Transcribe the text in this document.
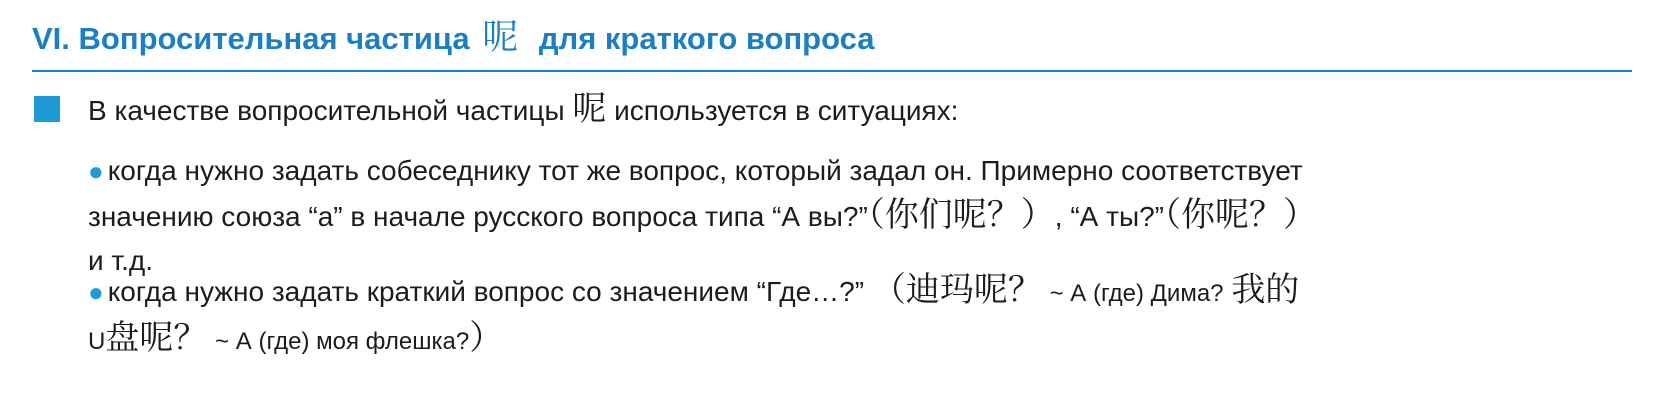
VI. Вопросительная частица 呢 для краткого вопроса
В качестве вопросительной частицы 呢 используется в ситуациях:
● когда нужно задать собеседнику тот же вопрос, который задал он. Примерно соответствует
значению союза “а” в начале русского вопроса типа “А вы?”（你们呢？）, “А ты?”（你呢？）
и т.д.
● когда нужно задать краткий вопрос со значением “Где…?” （迪玛呢？ ~ А (где) Дима? 我的
U盘呢？ ~ А (где) моя флешка?）
